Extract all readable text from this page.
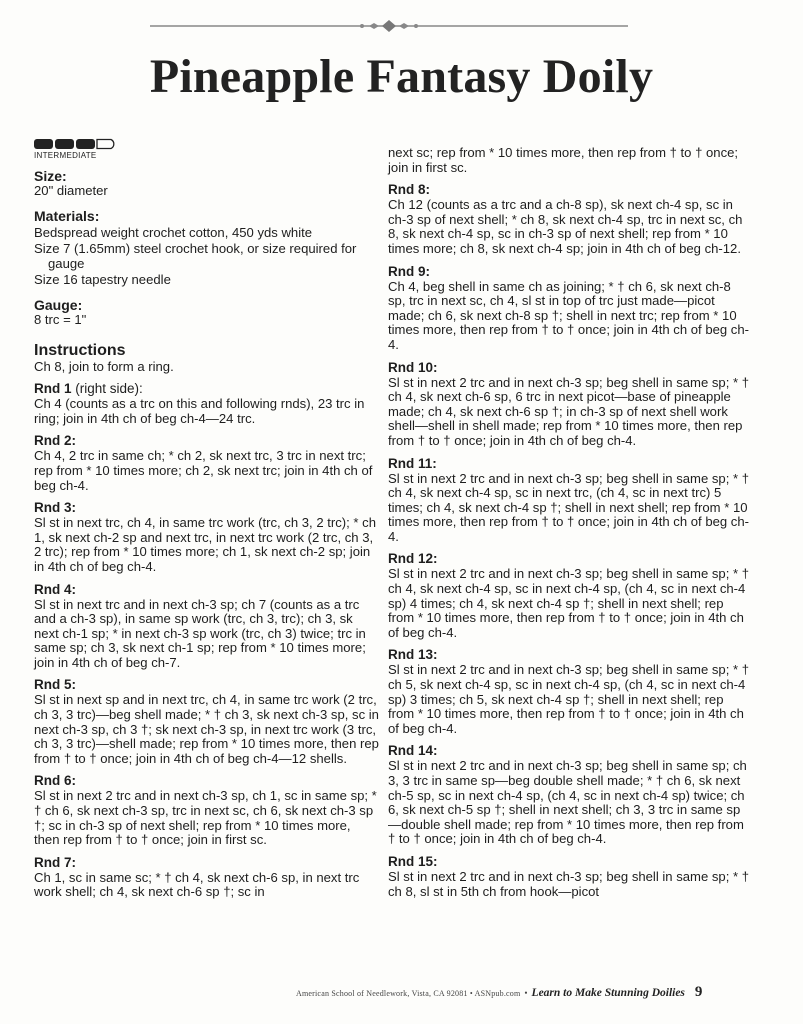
Pineapple Fantasy Doily
INTERMEDIATE
Size:

20" diameter

Materials:

Bedspread weight crochet cotton, 450 yds white

Size 7 (1.65mm) steel crochet hook, or size required for gauge

Size 16 tapestry needle

Gauge:

8 trc = 1"

Instructions

Ch 8, join to form a ring.

Rnd 1 (right side):

Ch 4 (counts as a trc on this and following rnds), 23 trc in ring; join in 4th ch of beg ch-4—24 trc.

Rnd 2:

Ch 4, 2 trc in same ch; * ch 2, sk next trc, 3 trc in next trc; rep from * 10 times more; ch 2, sk next trc; join in 4th ch of beg ch-4.

Rnd 3:

Sl st in next trc, ch 4, in same trc work (trc, ch 3, 2 trc); * ch 1, sk next ch-2 sp and next trc, in next trc work (2 trc, ch 3, 2 trc); rep from * 10 times more; ch 1, sk next ch-2 sp; join in 4th ch of beg ch-4.

Rnd 4:

Sl st in next trc and in next ch-3 sp; ch 7 (counts as a trc and a ch-3 sp), in same sp work (trc, ch 3, trc); ch 3, sk next ch-1 sp; * in next ch-3 sp work (trc, ch 3) twice; trc in same sp; ch 3, sk next ch-1 sp; rep from * 10 times more; join in 4th ch of beg ch-7.

Rnd 5:

Sl st in next sp and in next trc, ch 4, in same trc work (2 trc, ch 3, 3 trc)—beg shell made; * † ch 3, sk next ch-3 sp, sc in next ch-3 sp, ch 3 †; sk next ch-3 sp, in next trc work (3 trc, ch 3, 3 trc)—shell made; rep from * 10 times more, then rep from † to † once; join in 4th ch of beg ch-4—12 shells.

Rnd 6:

Sl st in next 2 trc and in next ch-3 sp, ch 1, sc in same sp; * † ch 6, sk next ch-3 sp, trc in next sc, ch 6, sk next ch-3 sp †; sc in ch-3 sp of next shell; rep from * 10 times more, then rep from † to † once; join in first sc.

Rnd 7:

Ch 1, sc in same sc; * † ch 4, sk next ch-6 sp, in next trc work shell; ch 4, sk next ch-6 sp †; sc in

next sc; rep from * 10 times more, then rep from † to † once; join in first sc.

Rnd 8:

Ch 12 (counts as a trc and a ch-8 sp), sk next ch-4 sp, sc in ch-3 sp of next shell; * ch 8, sk next ch-4 sp, trc in next sc, ch 8, sk next ch-4 sp, sc in ch-3 sp of next shell; rep from * 10 times more; ch 8, sk next ch-4 sp; join in 4th ch of beg ch-12.

Rnd 9:

Ch 4, beg shell in same ch as joining; * † ch 6, sk next ch-8 sp, trc in next sc, ch 4, sl st in top of trc just made—picot made; ch 6, sk next ch-8 sp †; shell in next trc; rep from * 10 times more, then rep from † to † once; join in 4th ch of beg ch-4.

Rnd 10:

Sl st in next 2 trc and in next ch-3 sp; beg shell in same sp; * † ch 4, sk next ch-6 sp, 6 trc in next picot—base of pineapple made; ch 4, sk next ch-6 sp †; in ch-3 sp of next shell work shell—shell in shell made; rep from * 10 times more, then rep from † to † once; join in 4th ch of beg ch-4.

Rnd 11:

Sl st in next 2 trc and in next ch-3 sp; beg shell in same sp; * † ch 4, sk next ch-4 sp, sc in next trc, (ch 4, sc in next trc) 5 times; ch 4, sk next ch-4 sp †; shell in next shell; rep from * 10 times more, then rep from † to † once; join in 4th ch of beg ch-4.

Rnd 12:

Sl st in next 2 trc and in next ch-3 sp; beg shell in same sp; * † ch 4, sk next ch-4 sp, sc in next ch-4 sp, (ch 4, sc in next ch-4 sp) 4 times; ch 4, sk next ch-4 sp †; shell in next shell; rep from * 10 times more, then rep from † to † once; join in 4th ch of beg ch-4.

Rnd 13:

Sl st in next 2 trc and in next ch-3 sp; beg shell in same sp; * † ch 5, sk next ch-4 sp, sc in next ch-4 sp, (ch 4, sc in next ch-4 sp) 3 times; ch 5, sk next ch-4 sp †; shell in next shell; rep from * 10 times more, then rep from † to † once; join in 4th ch of beg ch-4.

Rnd 14:

Sl st in next 2 trc and in next ch-3 sp; beg shell in same sp; ch 3, 3 trc in same sp—beg double shell made; * † ch 6, sk next ch-5 sp, sc in next ch-4 sp, (ch 4, sc in next ch-4 sp) twice; ch 6, sk next ch-5 sp †; shell in next shell; ch 3, 3 trc in same sp—double shell made; rep from * 10 times more, then rep from † to † once; join in 4th ch of beg ch-4.

Rnd 15:

Sl st in next 2 trc and in next ch-3 sp; beg shell in same sp; * † ch 8, sl st in 5th ch from hook—picot

American School of Needlework, Vista, CA 92081 • ASNpub.com • Learn to Make Stunning Doilies 9
